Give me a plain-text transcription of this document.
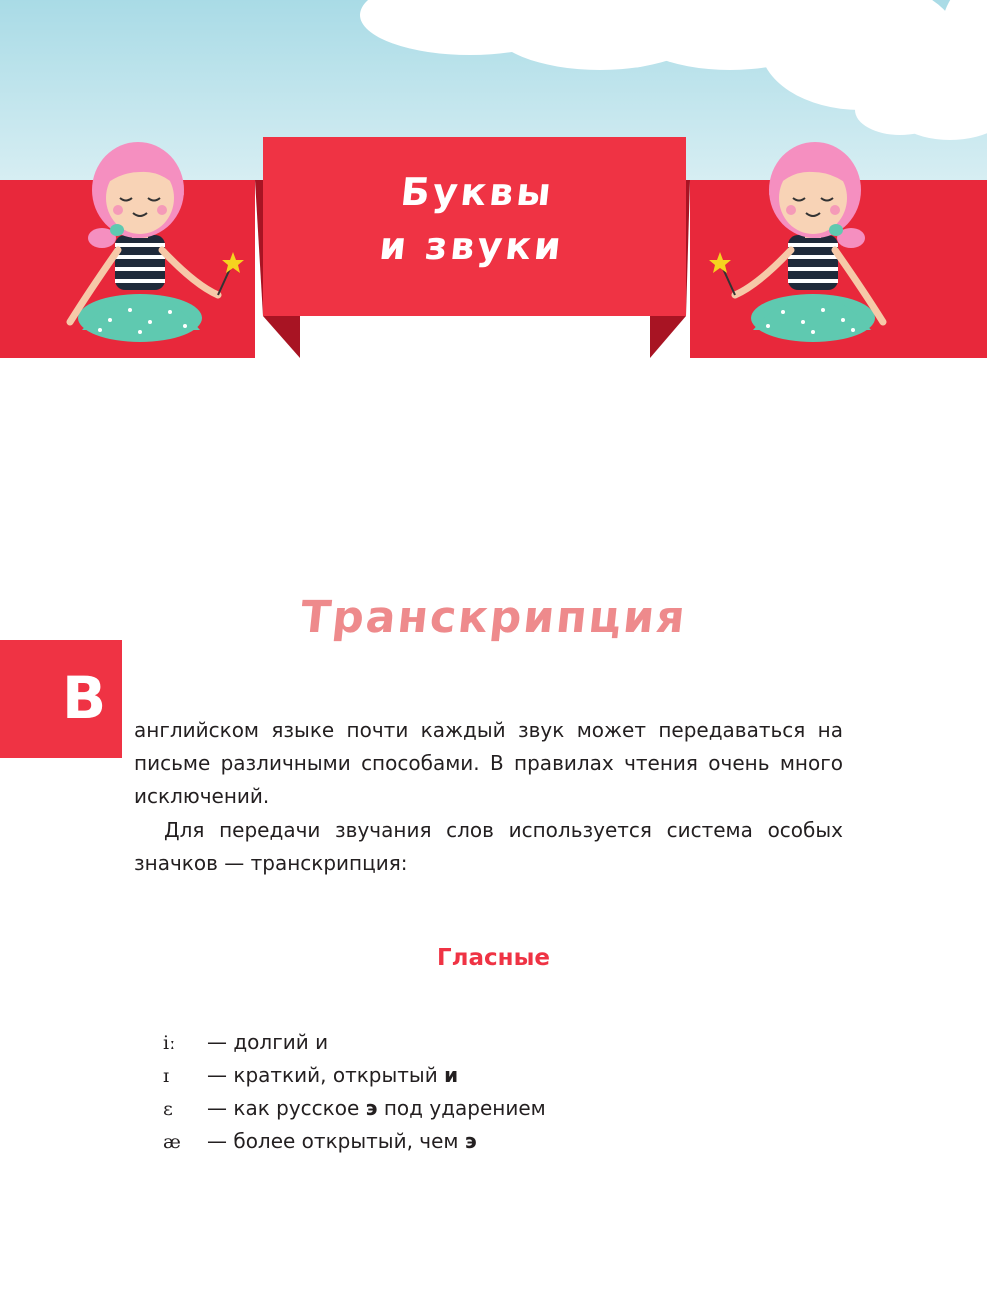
Буквы
и звуки
Транскрипция
В английском языке почти каждый звук может передаваться на письме различными способами. В правилах чтения очень много исключений.
Для передачи звучания слов используется система особых значков — транскрипция:
Гласные
iː — долгий и
ɪ — краткий, открытый и
ɛ — как русское э под ударением
æ — более открытый, чем э
